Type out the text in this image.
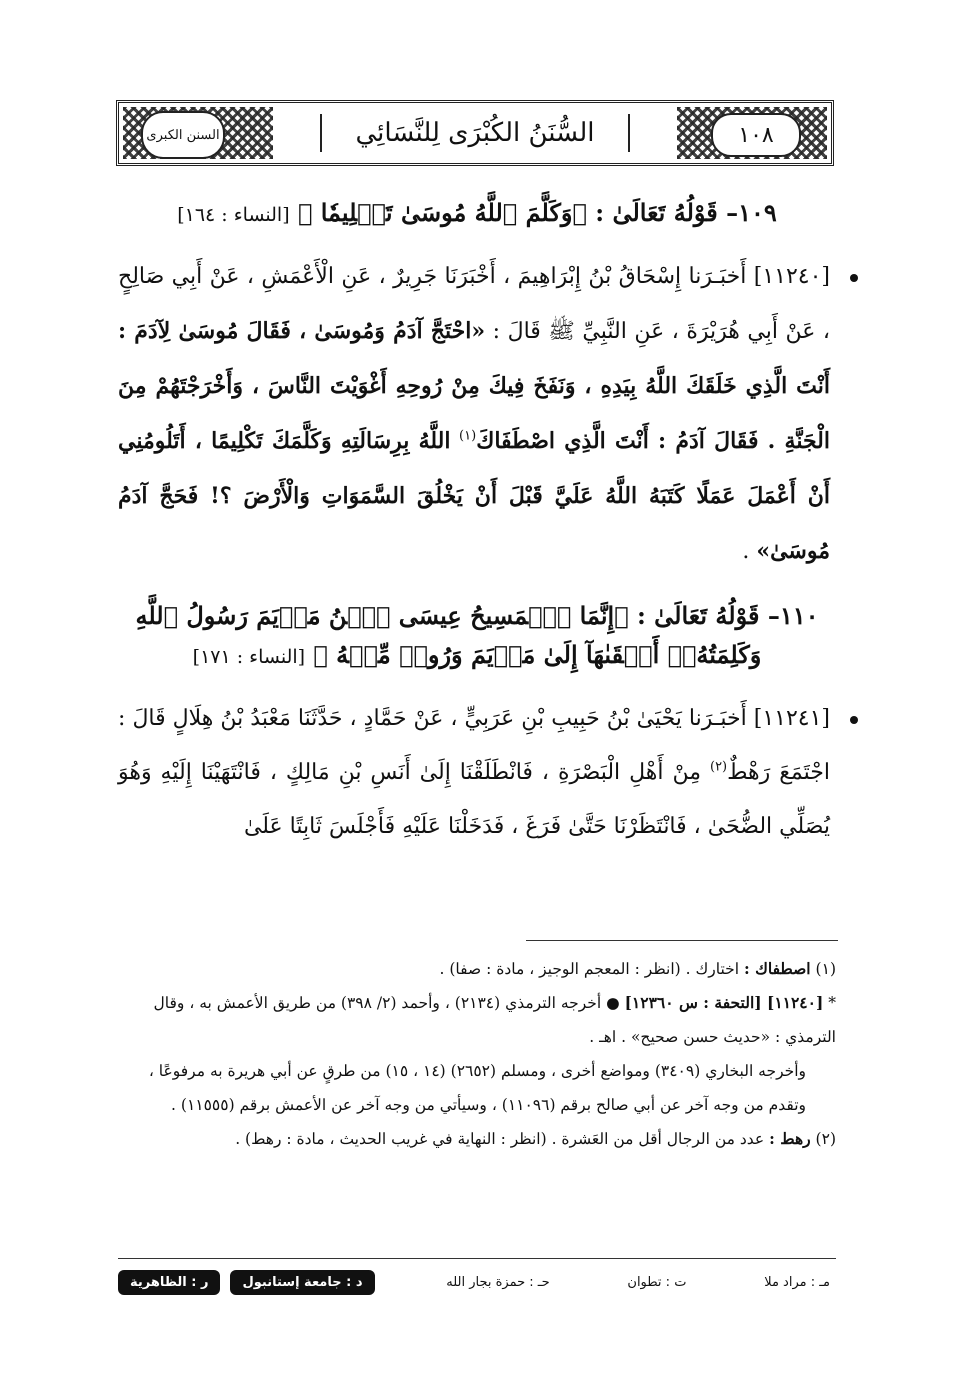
السنن الكبرى	السُّنَنُ الكُبْرَى لِلنَّسَائِي	١٠٨
١٠٩– قَوْلُهُ تَعَالَىٰ : ﴿وَكَلَّمَ ٱللَّهُ مُوسَىٰ تَكۡلِيمٗا ﴾ [النساء : ١٦٤]

[١١٢٤٠] أَخبَـرَنا إِسْحَاقُ بْنُ إِبْرَاهِيمَ ، أَخْبَرَنَا جَرِيرٌ ، عَنِ الْأَعْمَشِ ، عَنْ أَبِي صَالِحٍ ، عَنْ أَبِي هُرَيْرَةَ ، عَنِ النَّبِيِّ ﷺ قَالَ : «احْتَجَّ آدَمُ وَمُوسَىٰ ، فَقَالَ مُوسَىٰ لِآدَمَ : أَنْتَ الَّذِي خَلَقَكَ اللَّهُ بِيَدِهِ ، وَنَفَخَ فِيكَ مِنْ رُوحِهِ أَغْوَيْتَ النَّاسَ ، وَأَخْرَجْتَهُمْ مِنَ الْجَنَّةِ . فَقَالَ آدَمُ : أَنْتَ الَّذِي اصْطَفَاكَ$^{(١)}$ اللَّهُ بِرِسَالَتِهِ وَكَلَّمَكَ تَكْلِيمًا ، أَتَلُومُنِي أَنْ أَعْمَلَ عَمَلًا كَتَبَهُ اللَّهُ عَلَيَّ قَبْلَ أَنْ يَخْلُقَ السَّمَوَاتِ وَالْأَرْضَ ؟! فَحَجَّ آدَمُ مُوسَىٰ» .

١١٠– قَوْلُهُ تَعَالَىٰ : ﴿إِنَّمَا ٱلۡمَسِيحُ عِيسَى ٱبۡنُ مَرۡيَمَ رَسُولُ ٱللَّهِ وَكَلِمَتُهُۥٓ أَلۡقَىٰهَآ إِلَىٰ مَرۡيَمَ وَرُوحٞ مِّنۡهُ ﴾ [النساء : ١٧١]

[١١٢٤١] أَخبَـرَنا يَحْيَىٰ بْنُ حَبِيبِ بْنِ عَرَبِيٍّ ، عَنْ حَمَّادٍ ، حَدَّثَنَا مَعْبَدُ بْنُ هِلَالٍ قَالَ : اجْتَمَعَ رَهْطٌ$^{(٢)}$ مِنْ أَهْلِ الْبَصْرَةِ ، فَانْطَلَقْنَا إِلَىٰ أَنَسِ بْنِ مَالِكٍ ، فَانْتَهَيْنَا إِلَيْهِ وَهُوَ يُصَلِّي الضُّحَىٰ ، فَانْتَظَرْنَا حَتَّىٰ فَرَغَ ، فَدَخَلْنَا عَلَيْهِ فَأَجْلَسَ ثَابِتًا عَلَىٰ

(١) اصطفاك : اختارك . (انظر : المعجم الوجيز ، مادة : صفا) .

* [١١٢٤٠] [التحفة : س ١٢٣٦٠] ● أخرجه الترمذي (٢١٣٤) ، وأحمد (٢/ ٣٩٨) من طريق الأعمش به ، وقال الترمذي : «حديث حسن صحيح» . اهـ .

وأخرجه البخاري (٣٤٠٩) ومواضع أخرى ، ومسلم (٢٦٥٢) (١٤ ، ١٥) من طرقٍ عن أبي هريرة به مرفوعًا ، وتقدم من وجه آخر عن أبي صالح برقم (١١٠٩٦) ، وسيأتي من وجه آخر عن الأعمش برقم (١١٥٥٥) .

(٢) رهط : عدد من الرجال أقل من العَشرة . (انظر : النهاية في غريب الحديث ، مادة : رهط) .

مـ : مراد ملا
ت : تطوان
حـ : حمزة بجار الله
د : جامعة إستانبول
ر : الظاهرية
